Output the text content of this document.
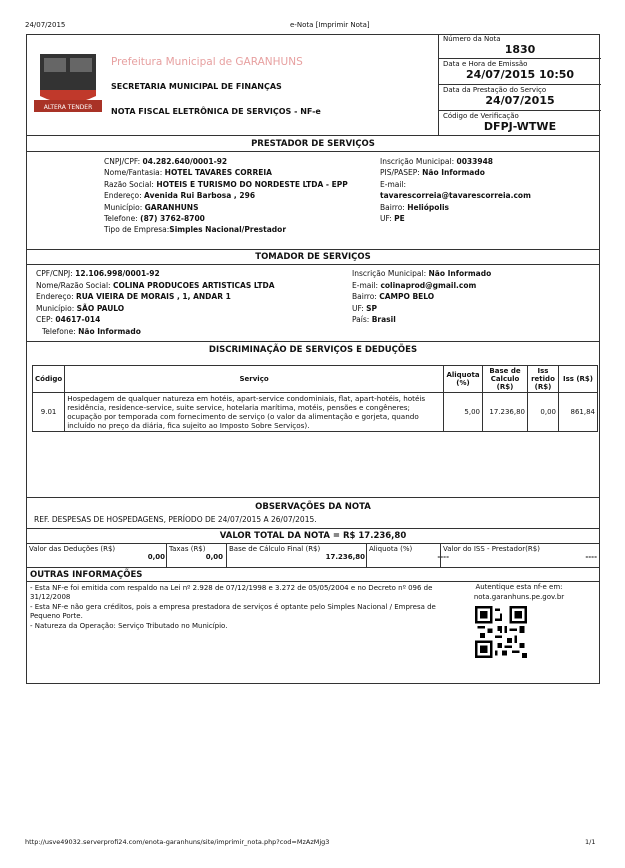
24/07/2015	e-Nota [Imprimir Nota]
ALTERA TENDER
Prefeitura Municipal de GARANHUNS
SECRETARIA MUNICIPAL DE FINANÇAS
NOTA FISCAL ELETRÔNICA DE SERVIÇOS - NF-e
Número da Nota
1830
Data e Hora de Emissão
24/07/2015 10:50
Data da Prestação do Serviço
24/07/2015
Código de Verificação
DFPJ-WTWE
PRESTADOR DE SERVIÇOS
CNPJ/CPF: 04.282.640/0001-92
Nome/Fantasia: HOTEL TAVARES CORREIA
Razão Social: HOTEIS E TURISMO DO NORDESTE LTDA - EPP
Endereço: Avenida Rui Barbosa , 296
Município: GARANHUNS
Telefone: (87) 3762-8700
Tipo de Empresa:Simples Nacional/Prestador
Inscrição Municipal: 0033948
PIS/PASEP: Não Informado
E-mail:
tavarescorreia@tavarescorreia.com
Bairro: Heliópolis
UF: PE
TOMADOR DE SERVIÇOS
CPF/CNPJ: 12.106.998/0001-92
Nome/Razão Social: COLINA PRODUCOES ARTISTICAS LTDA
Endereço: RUA VIEIRA DE MORAIS , 1, ANDAR 1
Município: SÃO PAULO
CEP: 04617-014
Telefone: Não Informado
Inscrição Municipal: Não Informado
E-mail: colinaprod@gmail.com
Bairro: CAMPO BELO
UF: SP
País: Brasil
DISCRIMINAÇÃO DE SERVIÇOS E DEDUÇÕES
Código	Serviço	Aliquota (%)	Base de Calculo (R$)	Iss retido (R$)	Iss (R$)
9.01	Hospedagem de qualquer natureza em hotéis, apart-service condominiais, flat, apart-hotéis, hotéis residência, residence-service, suite service, hotelaria marítima, motéis, pensões e congêneres; ocupação por temporada com fornecimento de serviço (o valor da alimentação e gorjeta, quando incluído no preço da diária, fica sujeito ao Imposto Sobre Serviços).	5,00	17.236,80	0,00	861,84
OBSERVAÇÕES DA NOTA
REF. DESPESAS DE HOSPEDAGENS, PERÍODO DE 24/07/2015 A 26/07/2015.
VALOR TOTAL DA NOTA = R$ 17.236,80
Valor das Deduções (R$)
0,00
Taxas (R$)
0,00
Base de Cálculo Final (R$)
17.236,80
Aliquota (%)
----
Valor do ISS - Prestador(R$)
----
OUTRAS INFORMAÇÕES
- Esta NF-e foi emitida com respaldo na Lei nº 2.928 de 07/12/1998 e 3.272 de 05/05/2004 e no Decreto nº 096 de 31/12/2008
- Esta NF-e não gera créditos, pois a empresa prestadora de serviços é optante pelo Simples Nacional / Empresa de Pequeno Porte.
- Natureza da Operação: Serviço Tributado no Município.
Autentique esta nf-e em:
nota.garanhuns.pe.gov.br
http://usve49032.serverprofi24.com/enota-garanhuns/site/imprimir_nota.php?cod=MzAzMjg3	1/1
